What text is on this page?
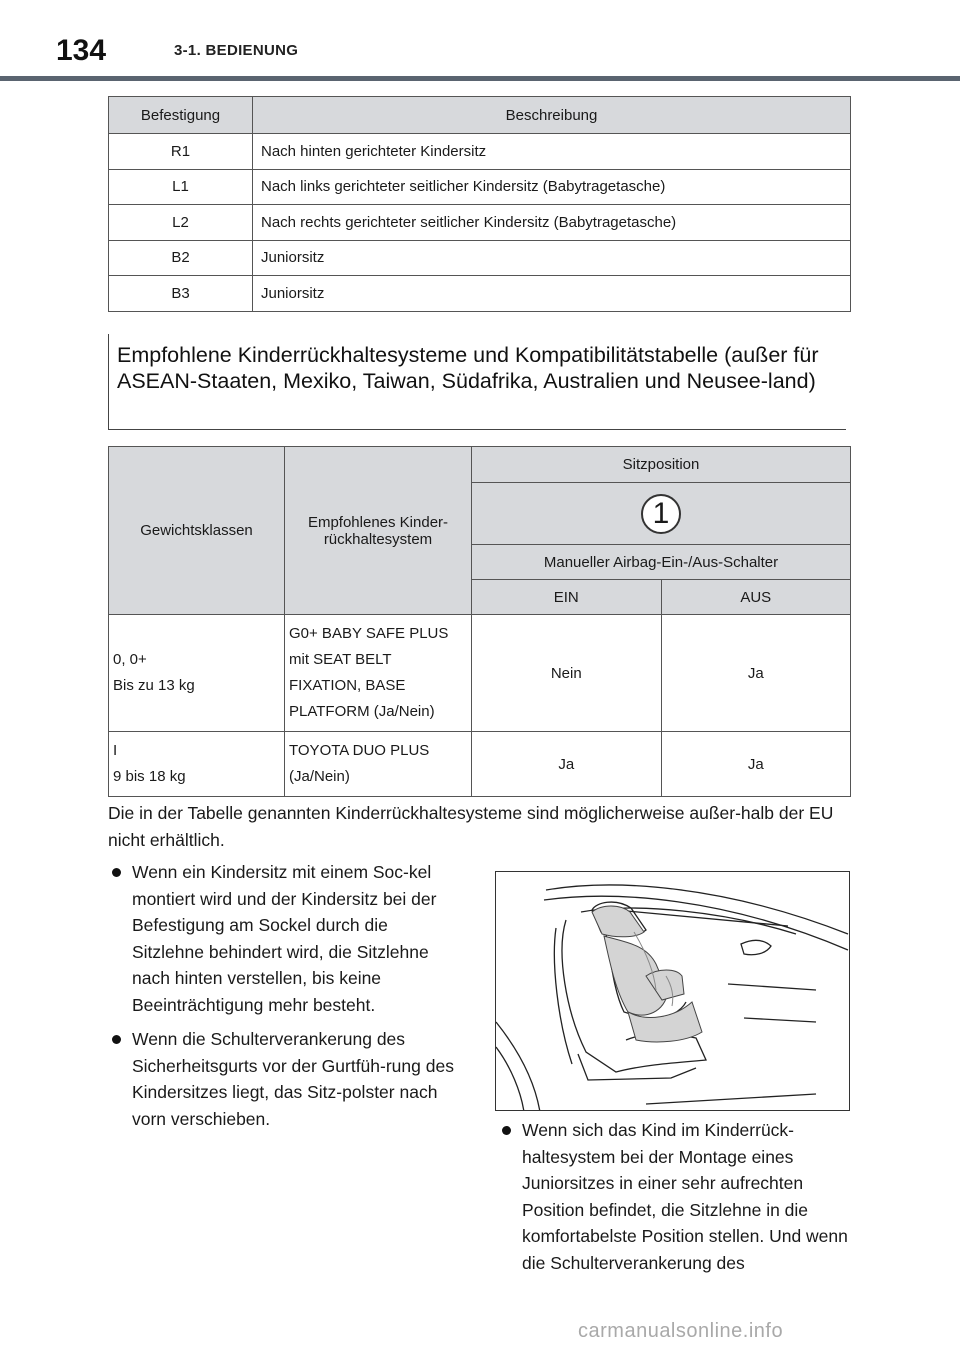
134	3-1. BEDIENUNG
Befestigung	Beschreibung
R1	Nach hinten gerichteter Kindersitz
L1	Nach links gerichteter seitlicher Kindersitz (Babytragetasche)
L2	Nach rechts gerichteter seitlicher Kindersitz (Babytragetasche)
B2	Juniorsitz
B3	Juniorsitz
Empfohlene Kinderrückhaltesysteme und Kompatibilitätstabelle (außer für ASEAN-Staaten, Mexiko, Taiwan, Südafrika, Australien und Neusee-land)
Gewichtsklassen	Empfohlenes Kinder-rückhaltesystem	Sitzposition	
		1	
		Manueller Airbag-Ein-/Aus-Schalter	
		EIN	AUS

0, 0+
Bis zu 13 kg	G0+ BABY SAFE PLUS mit SEAT BELT FIXATION, BASE PLATFORM (Ja/Nein)	Nein	Ja

I
9 bis 18 kg	TOYOTA DUO PLUS (Ja/Nein)	Ja	Ja
Die in der Tabelle genannten Kinderrückhaltesysteme sind möglicherweise außer-halb der EU nicht erhältlich.
Wenn ein Kindersitz mit einem Soc-kel montiert wird und der Kindersitz bei der Befestigung am Sockel durch die Sitzlehne behindert wird, die Sitzlehne nach hinten verstellen, bis keine Beeinträchtigung mehr besteht.
Wenn die Schulterverankerung des Sicherheitsgurts vor der Gurtfüh-rung des Kindersitzes liegt, das Sitz-polster nach vorn verschieben.
Wenn sich das Kind im Kinderrück-haltesystem bei der Montage eines Juniorsitzes in einer sehr aufrechten Position befindet, die Sitzlehne in die komfortabelste Position stellen. Und wenn die Schulterverankerung des
carmanualsonline.info
